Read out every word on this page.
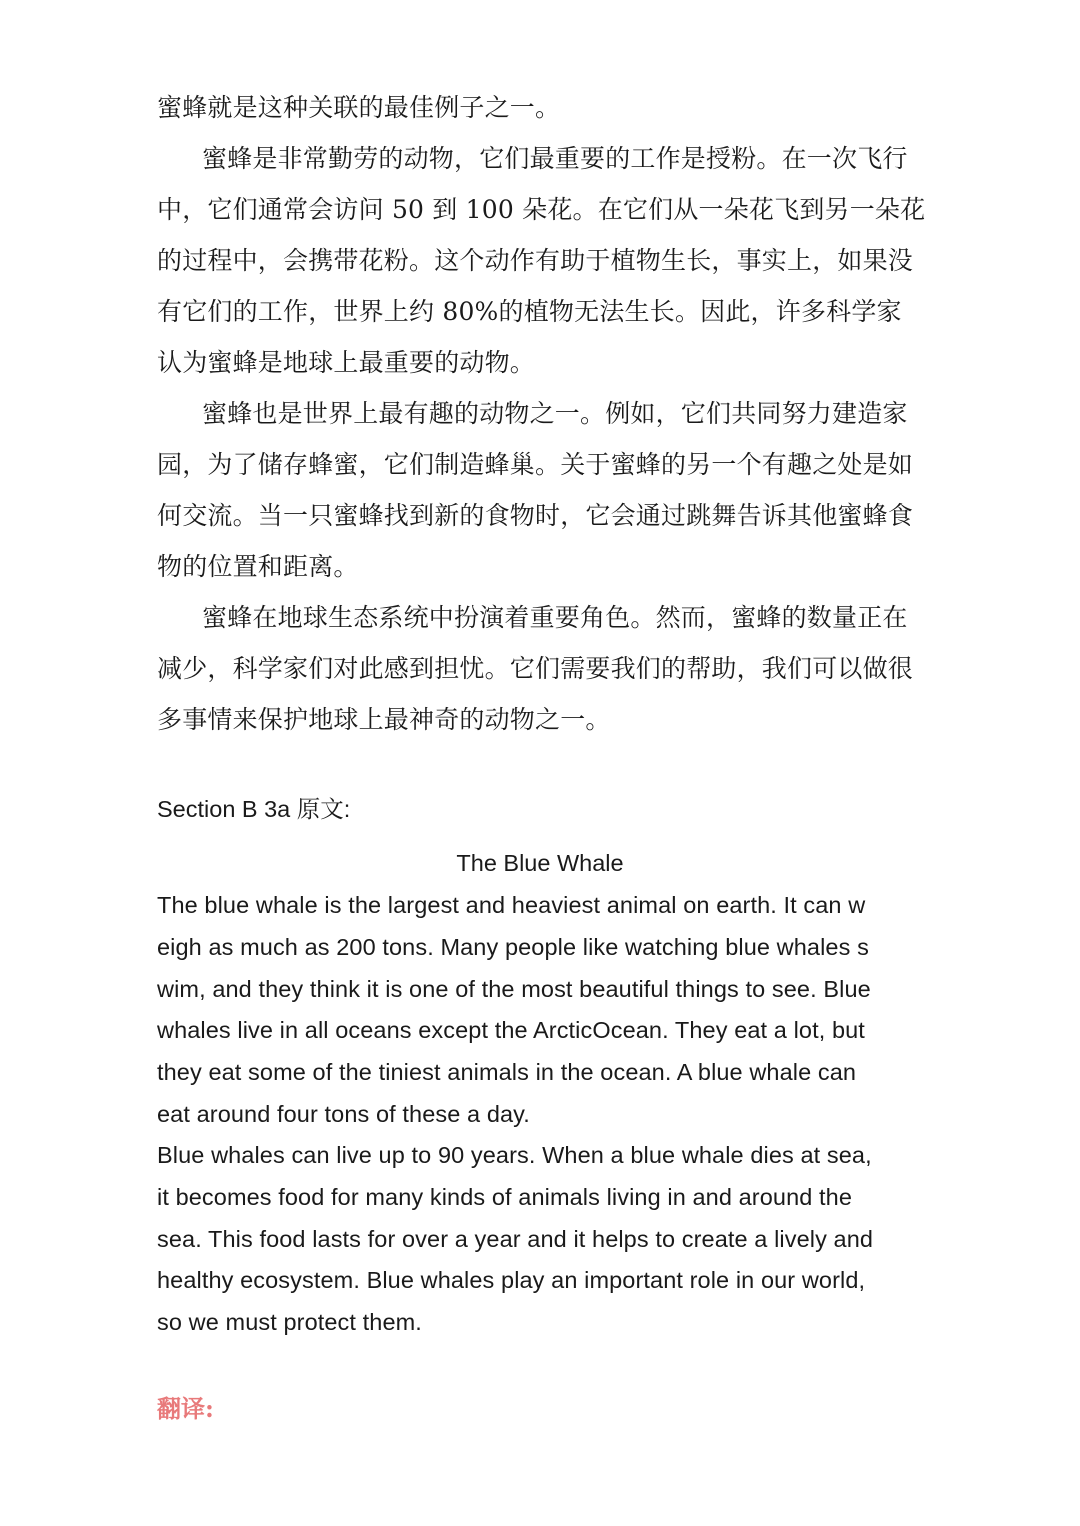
蜜蜂就是这种关联的最佳例子之一。

蜜蜂是非常勤劳的动物，它们最重要的工作是授粉。在一次飞行

中，它们通常会访问 50 到 100 朵花。在它们从一朵花飞到另一朵花

的过程中，会携带花粉。这个动作有助于植物生长，事实上，如果没

有它们的工作，世界上约 80%的植物无法生长。因此，许多科学家

认为蜜蜂是地球上最重要的动物。

蜜蜂也是世界上最有趣的动物之一。例如，它们共同努力建造家

园，为了储存蜂蜜，它们制造蜂巢。关于蜜蜂的另一个有趣之处是如

何交流。当一只蜜蜂找到新的食物时，它会通过跳舞告诉其他蜜蜂食

物的位置和距离。

蜜蜂在地球生态系统中扮演着重要角色。然而，蜜蜂的数量正在

减少，科学家们对此感到担忧。它们需要我们的帮助，我们可以做很

多事情来保护地球上最神奇的动物之一。

Section B 3a 原文:

The Blue Whale

The blue whale is the largest and heaviest animal on earth. It can w

eigh as much as 200 tons. Many people like watching blue whales s

wim, and they think it is one of the most beautiful things to see. Blue

whales live in all oceans except the ArcticOcean. They eat a lot, but

they eat some of the tiniest animals in the ocean. A blue whale can

eat around four tons of these a day.

Blue whales can live up to 90 years. When a blue whale dies at sea,

it becomes food for many kinds of animals living in and around the

sea. This food lasts for over a year and it helps to create a lively and

healthy ecosystem. Blue whales play an important role in our world,

so we must protect them.

翻译:
